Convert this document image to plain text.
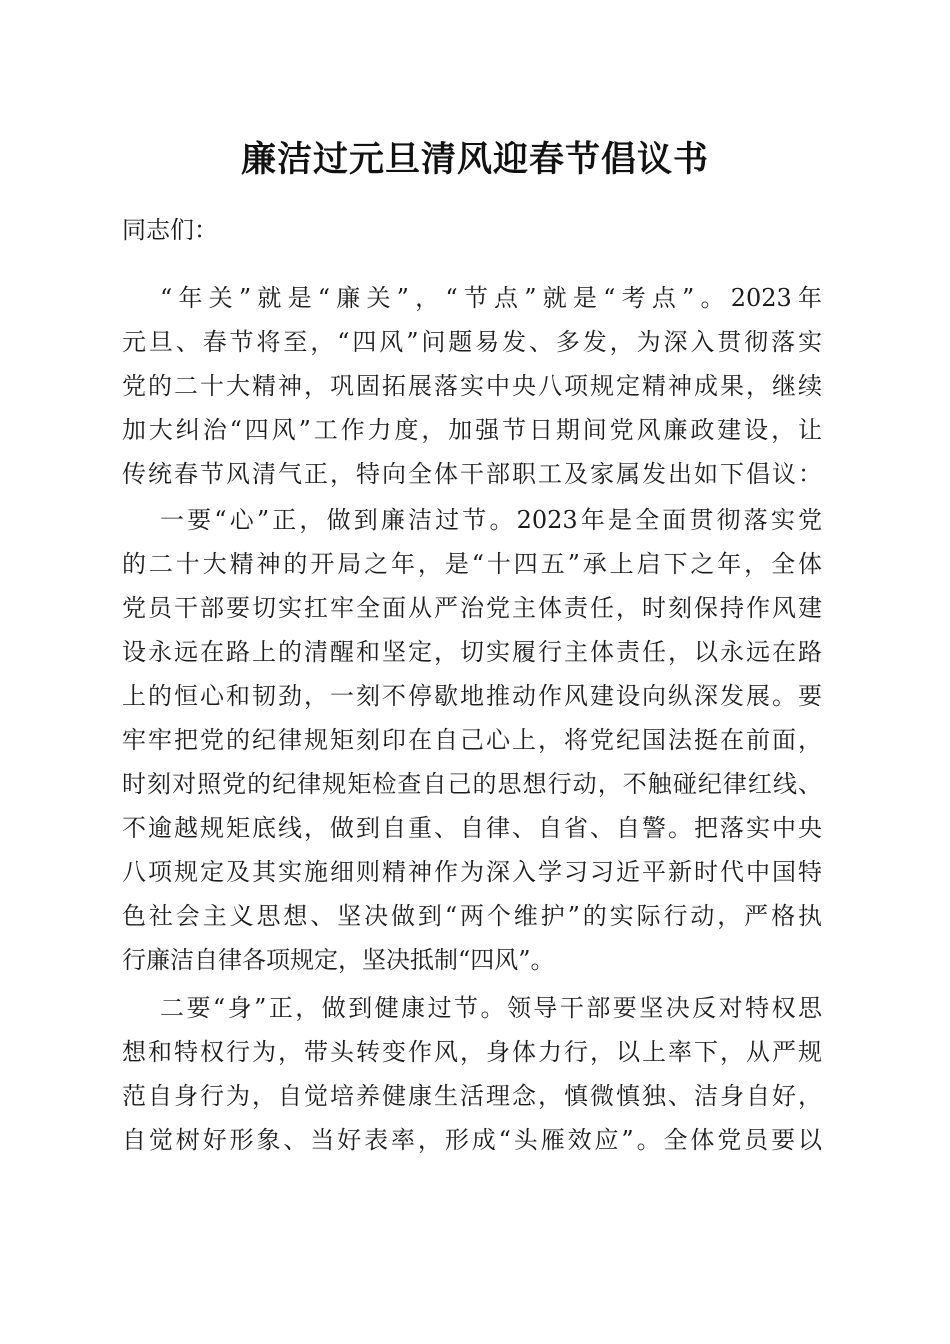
廉洁过元旦清风迎春节倡议书
同志们：
“年关”就是“廉关”，“节点”就是“考点”。2023年
元旦、春节将至，“四风”问题易发、多发，为深入贯彻落实
党的二十大精神，巩固拓展落实中央八项规定精神成果，继续
加大纠治“四风”工作力度，加强节日期间党风廉政建设，让
传统春节风清气正，特向全体干部职工及家属发出如下倡议：
一要“心”正，做到廉洁过节。2023年是全面贯彻落实党
的二十大精神的开局之年，是“十四五”承上启下之年，全体
党员干部要切实扛牢全面从严治党主体责任，时刻保持作风建
设永远在路上的清醒和坚定，切实履行主体责任，以永远在路
上的恒心和韧劲，一刻不停歇地推动作风建设向纵深发展。要
牢牢把党的纪律规矩刻印在自己心上，将党纪国法挺在前面，
时刻对照党的纪律规矩检查自己的思想行动，不触碰纪律红线、
不逾越规矩底线，做到自重、自律、自省、自警。把落实中央
八项规定及其实施细则精神作为深入学习习近平新时代中国特
色社会主义思想、坚决做到“两个维护”的实际行动，严格执
行廉洁自律各项规定，坚决抵制“四风”。
二要“身”正，做到健康过节。领导干部要坚决反对特权思
想和特权行为，带头转变作风，身体力行，以上率下，从严规
范自身行为，自觉培养健康生活理念，慎微慎独、洁身自好，
自觉树好形象、当好表率，形成“头雁效应”。全体党员要以
